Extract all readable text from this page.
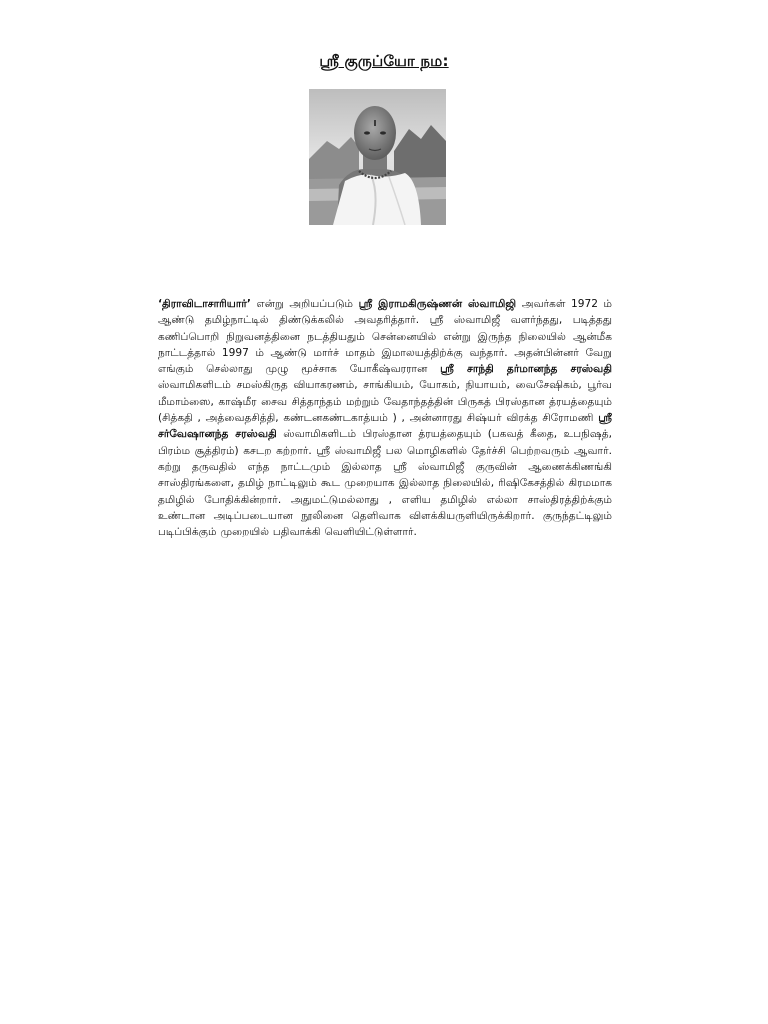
ஸ்ரீ குருப்யோ நம:
‘திராவிடாசாரியார்’ என்று அறியப்படும் ஸ்ரீ இராமகிருஷ்ணன் ஸ்வாமிஜி அவர்கள் 1972 ம் ஆண்டு தமிழ்நாட்டில் திண்டுக்கலில் அவதரித்தார். ஸ்ரீ ஸ்வாமிஜீ வளர்ந்தது, படித்தது கணிப்பொறி நிறுவனத்தினை நடத்தியதும் சென்னையில் என்று இருந்த நிலையில் ஆன்மீக நாட்டத்தால் 1997 ம் ஆண்டு மார்ச் மாதம் இமாலயத்திற்க்கு வந்தார். அதன்பின்னர் வேறு எங்கும் செல்லாது முழு மூச்சாக யோகீஷ்வரரான ஸ்ரீ சாந்தி தர்மானந்த சரஸ்வதி ஸ்வாமிகளிடம் சமஸ்கிருத வியாகரணம், சாங்கியம், யோகம், நியாயம், வைசேஷிகம், பூர்வ மீமாம்ஸை, காஷ்மீர சைவ சித்தாந்தம் மற்றும் வேதாந்தத்தின் பிருகத் பிரஸ்தான த்ரயத்தையும் (சித்கதி , அத்வைதசித்தி, கண்டனகண்டகாத்யம் ) , அன்னாரது சிஷ்யர் விரக்த சிரோமணி ஸ்ரீ சர்வேஷானந்த சரஸ்வதி ஸ்வாமிகளிடம் பிரஸ்தான த்ரயத்தையும் (பகவத் கீதை, உபநிஷத், பிரம்ம சூத்திரம்) கசடற கற்றார். ஸ்ரீ ஸ்வாமிஜீ பல மொழிகளில் தேர்ச்சி பெற்றவரும் ஆவார். கற்று தருவதில் எந்த நாட்டமும் இல்லாத ஸ்ரீ ஸ்வாமிஜீ குருவின் ஆணைக்கிணங்கி சாஸ்திரங்களை, தமிழ் நாட்டிலும் கூட முறையாக இல்லாத நிலையில், ரிஷிகேசத்தில் கிரமமாக தமிழில் போதிக்கின்றார். அதுமட்டுமல்லாது , எளிய தமிழில் எல்லா சாஸ்திரத்திற்க்கும் உண்டான அடிப்படையான நூலினை தெளிவாக விளக்கியருளியிருக்கிறார். குருந்தட்டிலும் படிப்பிக்கும் முறையில் பதிவாக்கி வெளியிட்டுள்ளார்.
